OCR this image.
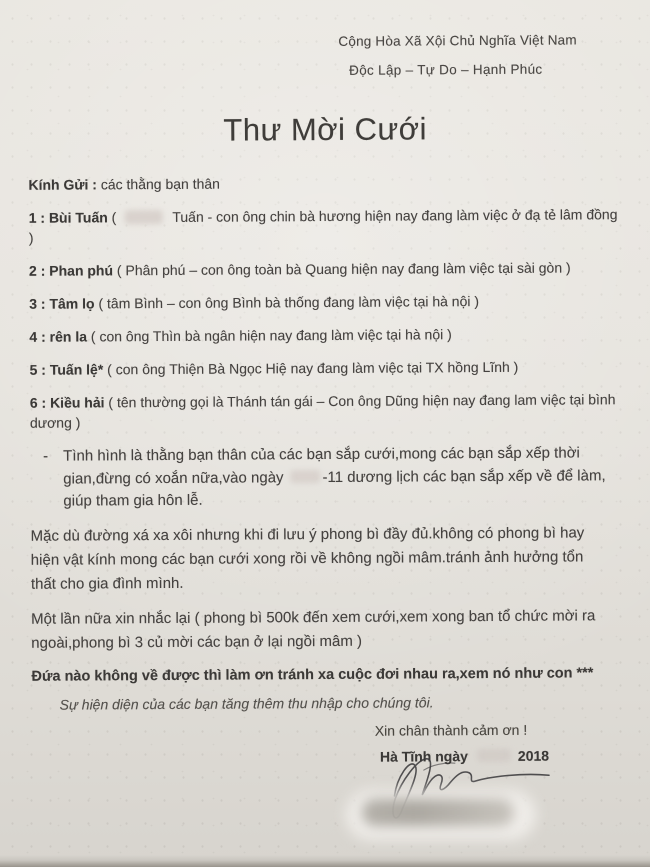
Cộng Hòa Xã Xội Chủ Nghĩa Việt Nam

Độc Lập – Tự Do – Hạnh Phúc

Thư Mời Cưới

Kính Gửi : các thằng bạn thân

1 : Bùi Tuấn (	Tuấn - con ông chin bà hương hiện nay đang làm việc ở đạ tẻ lâm đồng )

2 : Phan phú ( Phân phú – con ông toàn bà Quang hiện nay đang làm việc tại sài gòn )

3 : Tâm lọ ( tâm Bình – con ông Bình bà thống đang làm việc tại hà nội )

4 : rên la ( con ông Thìn bà ngân hiện nay đang làm việc tại hà nội )

5 : Tuấn lệ* ( con ông Thiện Bà Ngọc Hiệ nay đang làm việc tại TX hồng Lĩnh )

6 : Kiều hải ( tên thường gọi là Thánh tán gái – Con ông Dũng hiện nay đang lam việc tại bình dương )

- Tình hình là thằng bạn thân của các bạn sắp cưới,mong các bạn sắp xếp thời gian,đừng có xoắn nữa,vào ngày	-11 dương lịch các bạn sắp xếp về để làm, giúp tham gia hôn lễ.

Mặc dù đường xá xa xôi nhưng khi đi lưu ý phong bì đầy đủ.không có phong bì hay hiện vật kính mong các bạn cưới xong rồi về không ngồi mâm.tránh ảnh hưởng tổn thất cho gia đình mình.

Một lần nữa xin nhắc lại ( phong bì 500k đến xem cưới,xem xong ban tổ chức mời ra ngoài,phong bì 3 củ mời các bạn ở lại ngồi mâm )

Đứa nào không về được thì làm ơn tránh xa cuộc đơi nhau ra,xem nó như con ***

Sự hiện diện của các bạn tăng thêm thu nhập cho chúng tôi.

Xin chân thành cảm ơn !

Hà Tĩnh ngày	2018
